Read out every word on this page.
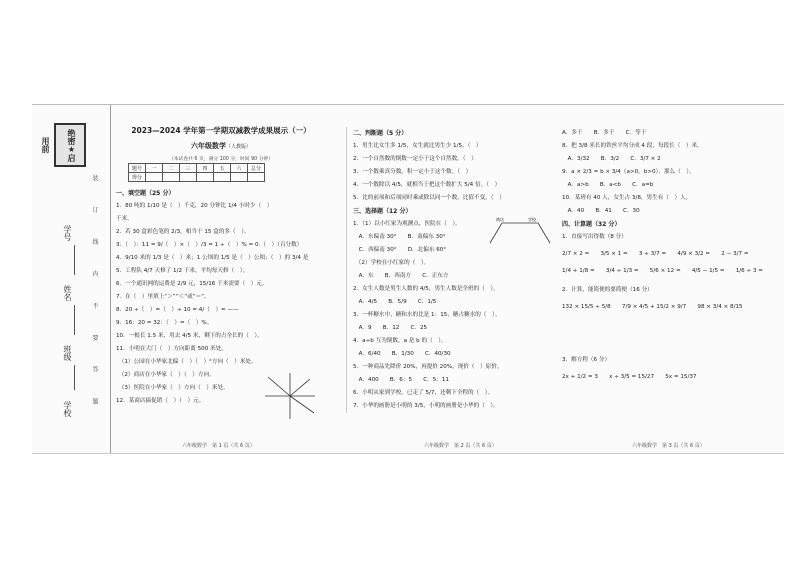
绝密★启用前
学号
姓名
班级
学校	装 订 线 内 不 要 答 题
2023—2024 学年第一学期双减教学成果展示（一）
六年级数学（人教版）
（本试卷共 6 页，满分 100 分，时间 90 分钟）
题号	一	二	三	四	五	六	总分
得分							
一、填空题（25 分）
1．80 吨的 1/10 是（　）千克，20 分钟比 1/4 小时少（　）
千米。
2．若 30 盒彩色笔的 2/3，相当于 15 盒的多（　）。
3．（　）：11 = 9/（　）×（　）/3 = 1 ÷（　）% = 0.（　）（百分数）
4．9/10 米的 1/3 是（　）米；1 公顷的 1/5 是（　）公顷；（　）的 3/4 是
5．工程队 4/7 天修了 1/2 千米，平均每天修（　）。
6．一个通讯网的运费是 2/9 元，15/16 千米需要（　）元。
7．在（　）里填上“＞”“＜”或“＝”。
8．20 ÷（　）=（　）÷ 10 = 4/（　）= ——
9．16：20 = 32：（　）=（　）%。
10．一根长 1.5 米，用去 4/5 米，剩下的占全长的（　）。
11．小明在大门（　）方向距离 500 米处。
　（1）公园在小华家北偏（　）（　）°方向（　）米处。
　（2）商店在小华家（　）（　）方向。
　（3）医院在小华家（　）方向（　）米处。
12．某商店搞促销（　）（　）元。
六年级数学　第 1 页（共 6 页）
二、判断题（5 分）
1．男生比女生多 1/5，女生就比男生少 1/5。（　）
2．一个自然数的倒数一定小于这个自然数。（　）
3．一个数乘真分数，积一定小于这个数。（　）
4．一个数除以 4/5，就相当于把这个数扩大 5/4 倍。（　）
5．比的前项和后项同时乘或除以同一个数，比值不变。（　）
三、选择题（12 分）
1．（1）以小红家为观测点，医院在（　）。
　A．东偏南 30°　　B．南偏东 30°
　C．西偏南 30°　　D．北偏东 60°
　（2）学校在小红家的（　）。
　A．东　　B．西南方　　C．正东方
2．女生人数是男生人数的 4/5，男生人数是全班的（　）。
　A．4/5　　B．5/9　　C．1/5
3．一杯糖水中，糖和水的比是 1：15，糖占糖水的（　）。
　A．9　　B．12　　C．25
4．a÷b 互为倒数，a 是 b 的（　）。
　A．6/40　　B．1/30　　C．40/30
5．一种商品先降价 20%，再提价 20%，现价（　）原价。
　A．400　　B．6：5　　C．5：11
6．小明从家到学校，已走了 5/7，还剩下全程的（　）。
7．小华的画册是小明的 3/5，小明的画册是小华的（　）。
商店	学校
六年级数学　第 2 页（共 6 页）
A．多于　　B．多于　　C．等于
8．把 3/8 米长的铁丝平均分成 4 段，每段长（　）米。
　A．3/32　　B．3/2　　C．3/7 × 2
9．a × 2/3 = b × 3/4（a>0，b>0），那么（　）。
　A．a>b　　B．a<b　　C．a=b
10．某班有 40 人，女生占 3/8，男生有（　）人。
　A．40　　B．41　　C．30
四、计算题（32 分）
1．直接写出得数（8 分）
2/7 × 2 =　　3/5 × 1 =　　3 ÷ 3/7 =　　4/9 × 3/2 =　　2 − 3/7 =
1/4 + 1/8 =　　3/4 ÷ 1/3 =　　5/6 × 12 =　　4/5 − 1/5 =　　1/6 ÷ 3 =
2．计算，能简便的要简便（16 分）
132 × 15/5 ÷ 5/8　　7/9 × 4/5 + 15/2 × 9/7　　98 × 3/4 × 8/15
3．解方程（6 分）
2x + 1/2 = 3　　x ÷ 3/5 = 15/27　　5x = 15/37
六年级数学　第 3 页（共 6 页）
